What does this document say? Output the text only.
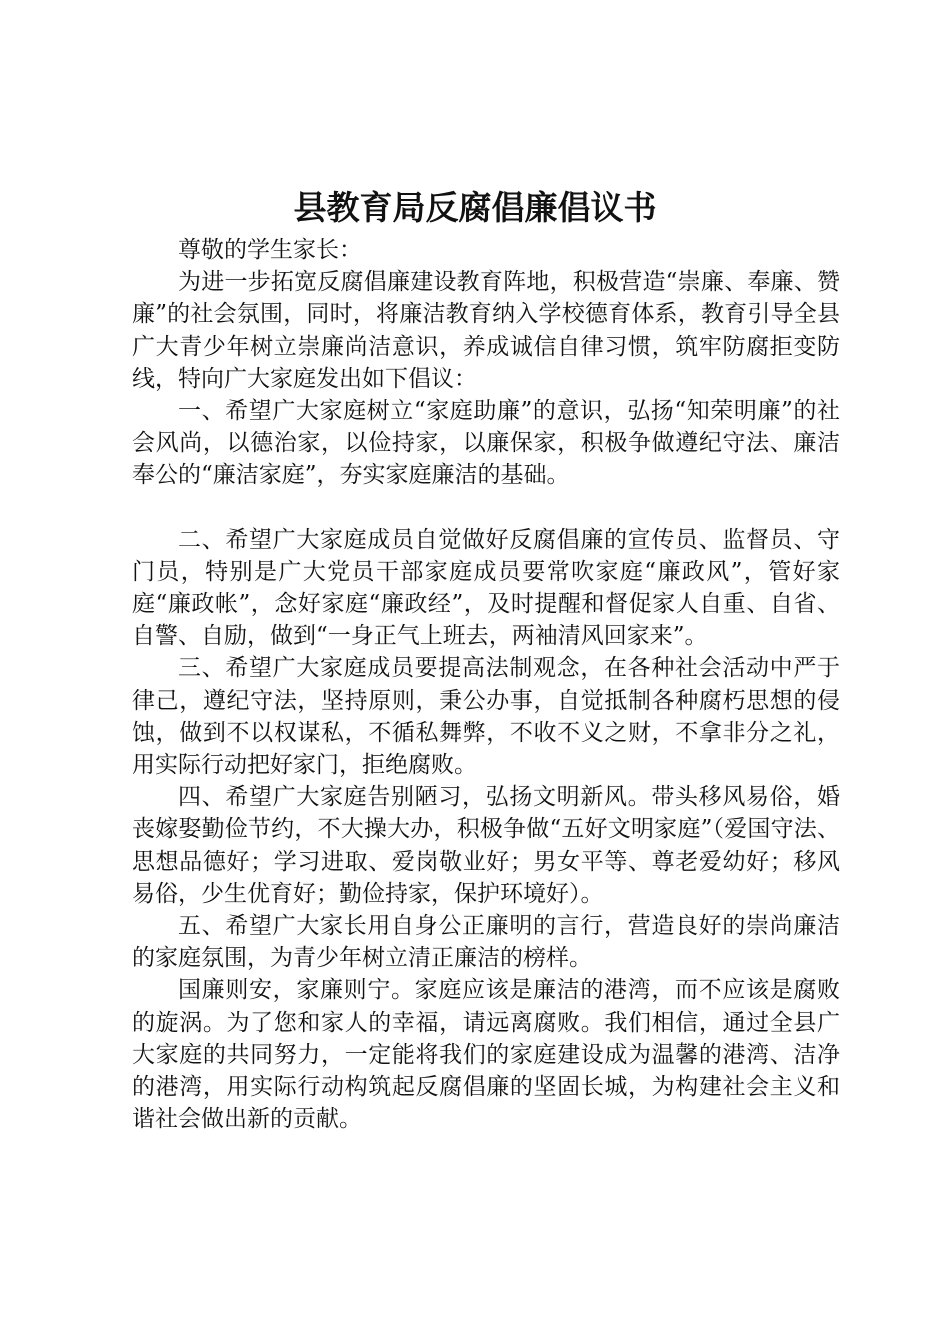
县教育局反腐倡廉倡议书

尊敬的学生家长：

为进一步拓宽反腐倡廉建设教育阵地，积极营造“崇廉、奉廉、赞廉”的社会氛围，同时，将廉洁教育纳入学校德育体系，教育引导全县广大青少年树立崇廉尚洁意识，养成诚信自律习惯，筑牢防腐拒变防线，特向广大家庭发出如下倡议：

一、希望广大家庭树立“家庭助廉”的意识，弘扬“知荣明廉”的社会风尚，以德治家，以俭持家，以廉保家，积极争做遵纪守法、廉洁奉公的“廉洁家庭”，夯实家庭廉洁的基础。

二、希望广大家庭成员自觉做好反腐倡廉的宣传员、监督员、守门员，特别是广大党员干部家庭成员要常吹家庭“廉政风”，管好家庭“廉政帐”，念好家庭“廉政经”，及时提醒和督促家人自重、自省、自警、自励，做到“一身正气上班去，两袖清风回家来”。

三、希望广大家庭成员要提高法制观念，在各种社会活动中严于律己，遵纪守法，坚持原则，秉公办事，自觉抵制各种腐朽思想的侵蚀，做到不以权谋私，不循私舞弊，不收不义之财，不拿非分之礼，用实际行动把好家门，拒绝腐败。

四、希望广大家庭告别陋习，弘扬文明新风。带头移风易俗，婚丧嫁娶勤俭节约，不大操大办，积极争做“五好文明家庭”（爱国守法、思想品德好；学习进取、爱岗敬业好；男女平等、尊老爱幼好；移风易俗，少生优育好；勤俭持家，保护环境好）。

五、希望广大家长用自身公正廉明的言行，营造良好的崇尚廉洁的家庭氛围，为青少年树立清正廉洁的榜样。

国廉则安，家廉则宁。家庭应该是廉洁的港湾，而不应该是腐败的旋涡。为了您和家人的幸福，请远离腐败。我们相信，通过全县广大家庭的共同努力，一定能将我们的家庭建设成为温馨的港湾、洁净的港湾，用实际行动构筑起反腐倡廉的坚固长城，为构建社会主义和谐社会做出新的贡献。
